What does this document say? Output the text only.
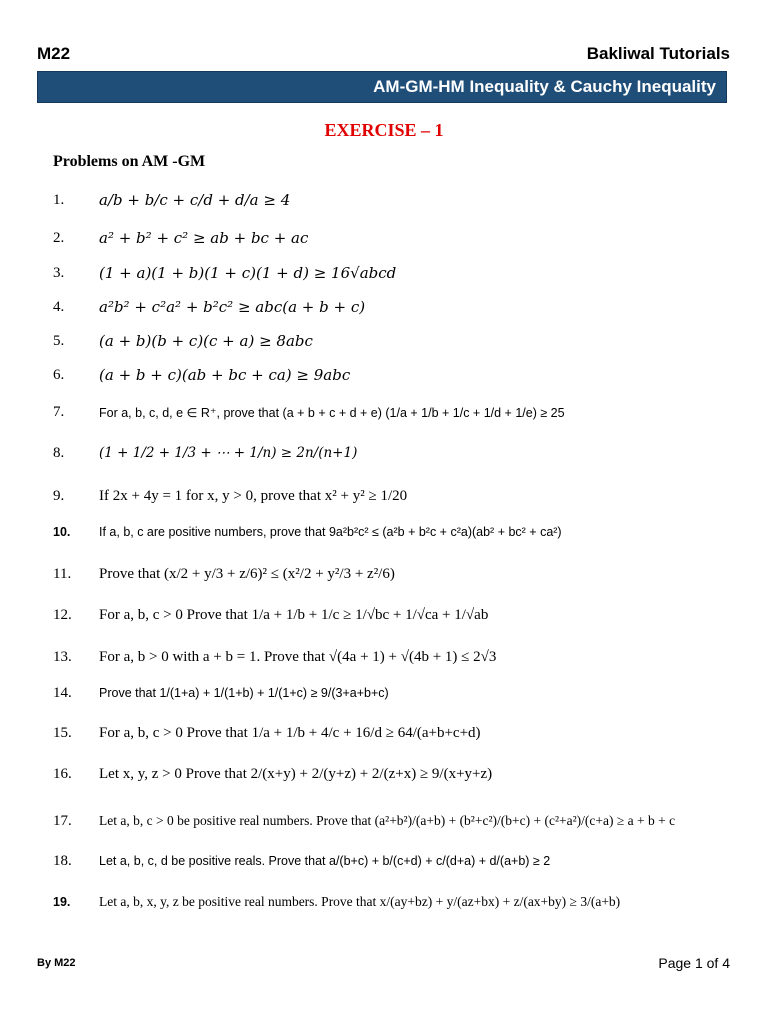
M22	Bakliwal Tutorials
AM-GM-HM Inequality & Cauchy Inequality
EXERCISE – 1
Problems on AM -GM
1.	a/b + b/c + c/d + d/a ≥ 4
2.	a² + b² + c² ≥ ab + bc + ac
3.	(1 + a)(1 + b)(1 + c)(1 + d) ≥ 16√abcd
4.	a²b² + c²a² + b²c² ≥ abc(a + b + c)
5.	(a + b)(b + c)(c + a) ≥ 8abc
6.	(a + b + c)(ab + bc + ca) ≥ 9abc
7.	For a, b, c, d, e ∈ R⁺, prove that (a + b + c + d + e) (1/a + 1/b + 1/c + 1/d + 1/e) ≥ 25
8.	(1 + 1/2 + 1/3 + ⋯ + 1/n) ≥ 2n/(n+1)
9.	If 2x + 4y = 1 for x, y > 0, prove that x² + y² ≥ 1/20
10.	If a, b, c are positive numbers, prove that 9a²b²c² ≤ (a²b + b²c + c²a)(ab² + bc² + ca²)
11.	Prove that (x/2 + y/3 + z/6)² ≤ (x²/2 + y²/3 + z²/6)
12.	For a, b, c > 0 Prove that 1/a + 1/b + 1/c ≥ 1/√bc + 1/√ca + 1/√ab
13.	For a, b > 0 with a + b = 1. Prove that √(4a + 1) + √(4b + 1) ≤ 2√3
14.	Prove that 1/(1+a) + 1/(1+b) + 1/(1+c) ≥ 9/(3+a+b+c)
15.	For a, b, c > 0 Prove that 1/a + 1/b + 4/c + 16/d ≥ 64/(a+b+c+d)
16.	Let x, y, z > 0 Prove that 2/(x+y) + 2/(y+z) + 2/(z+x) ≥ 9/(x+y+z)
17.	Let a, b, c > 0 be positive real numbers. Prove that (a²+b²)/(a+b) + (b²+c²)/(b+c) + (c²+a²)/(c+a) ≥ a + b + c
18.	Let a, b, c, d be positive reals. Prove that a/(b+c) + b/(c+d) + c/(d+a) + d/(a+b) ≥ 2
19.	Let a, b, x, y, z be positive real numbers. Prove that x/(ay+bz) + y/(az+bx) + z/(ax+by) ≥ 3/(a+b)
By M22	Page 1 of 4
